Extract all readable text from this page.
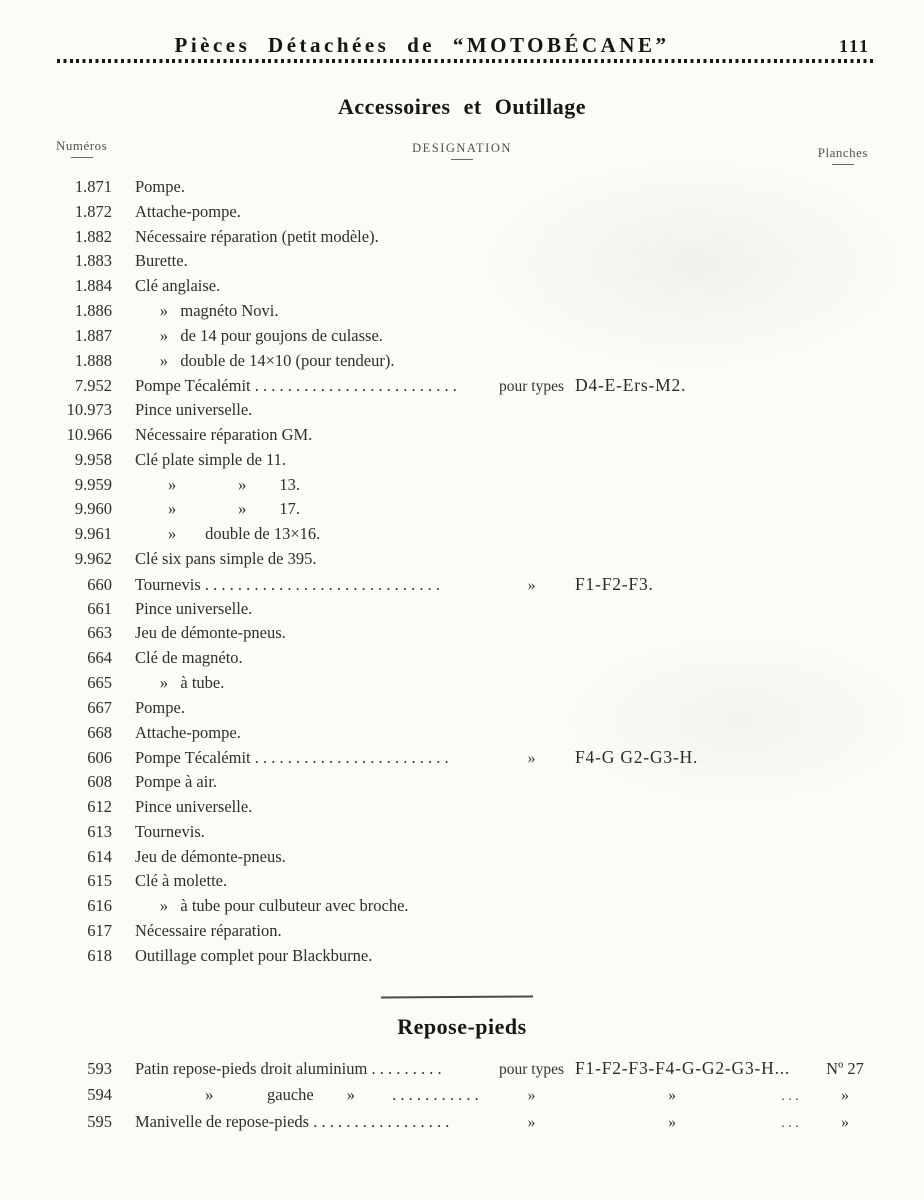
Pièces Détachées de “MOTOBÉCANE”	111
Accessoires et Outillage
Numéros	DESIGNATION	Planches
1.871	Pompe.
1.872	Attache-pompe.
1.882	Nécessaire réparation (petit modèle).
1.883	Burette.
1.884	Clé anglaise.
1.886	»   magnéto Novi.
1.887	»   de 14 pour goujons de culasse.
1.888	»   double de 14×10 (pour tendeur).
7.952	Pompe Técalémit . . . . . . . . . . . . . . . . . . . . . . . . .	pour types D4-E-Ers-M2.
10.973	Pince universelle.
10.966	Nécessaire réparation GM.
9.958	Clé plate simple de 11.
9.959	»               »        13.
9.960	»               »        17.
9.961	»       double de 13×16.
9.962	Clé six pans simple de 395.
660	Tournevis . . . . . . . . . . . . . . . . . . . . . . . . . . . . .	»	F1-F2-F3.
661	Pince universelle.
663	Jeu de démonte-pneus.
664	Clé de magnéto.
665	»   à tube.
667	Pompe.
668	Attache-pompe.
606	Pompe Técalémit . . . . . . . . . . . . . . . . . . . . . . . .	»	F4-G G2-G3-H.
608	Pompe à air.
612	Pince universelle.
613	Tournevis.
614	Jeu de démonte-pneus.
615	Clé à molette.
616	»   à tube pour culbuteur avec broche.
617	Nécessaire réparation.
618	Outillage complet pour Blackburne.
Repose-pieds
593	Patin repose-pieds droit aluminium . . . . . . . . .	pour types F1-F2-F3-F4-G-G2-G3-H...	Nº 27
594	»             gauche        »         . . . . . . . . . . .	»	»	. . .	»
595	Manivelle de repose-pieds . . . . . . . . . . . . . . . . .	»	»	. . .	»
